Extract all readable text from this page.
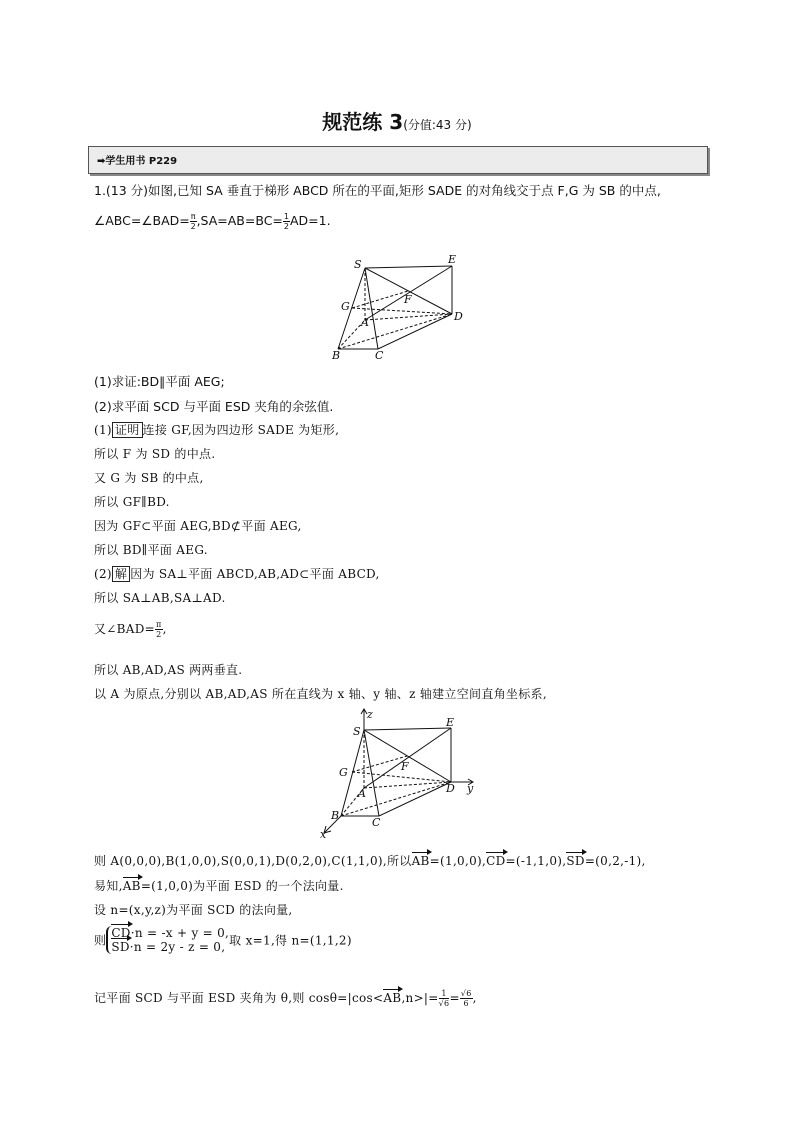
规范练 3(分值:43 分)
➡学生用书 P229
1.(13 分)如图,已知 SA 垂直于梯形 ABCD 所在的平面,矩形 SADE 的对角线交于点 F,G 为 SB 的中点,
∠ABC=∠BAD= $\frac{\pi}{2} ,SA=AB=BC= \frac{1}{2} AD=1$.
S	E
G
F
A	D
B	C
(1)求证:BD∥平面 AEG;
(2)求平面 SCD 与平面 ESD 夹角的余弦值.
(1) 证明 连接 GF,因为四边形 SADE 为矩形,
所以 F 为 SD 的中点.
又 G 为 SB 的中点,
所以 GF∥BD.
因为 GF⊂平面 AEG,BD⊄平面 AEG,
所以 BD∥平面 AEG.
(2) 解 因为 SA⊥平面 ABCD,AB,AD⊂平面 ABCD,
所以 SA⊥AB,SA⊥AD.
又∠BAD= $\frac{\pi}{2}$ ,
所以 AB,AD,AS 两两垂直.
以 A 为原点,分别以 AB,AD,AS 所在直线为 x 轴、y 轴、z 轴建立空间直角坐标系,
z
S
E
G	F
A	D y
B
C
x
则 A(0,0,0),B(1,0,0),S(0,0,1),D(0,2,0),C(1,1,0),所以AB=(1,0,0),CD=(-1,1,0),SD=(0,2,-1),
易知,AB=(1,0,0)为平面 ESD 的一个法向量.
设 n=(x,y,z)为平面 SCD 的法向量,
则
CD·n = -x + y = 0,
SD·n = 2y - z = 0, 取 x=1,得 n=(1,1,2)
记平面 SCD 与平面 ESD 夹角为 θ,则 $\cos\theta=|\cos<AB,n>|= \frac{1}{√6} = \frac{√6}{6}$ ,
